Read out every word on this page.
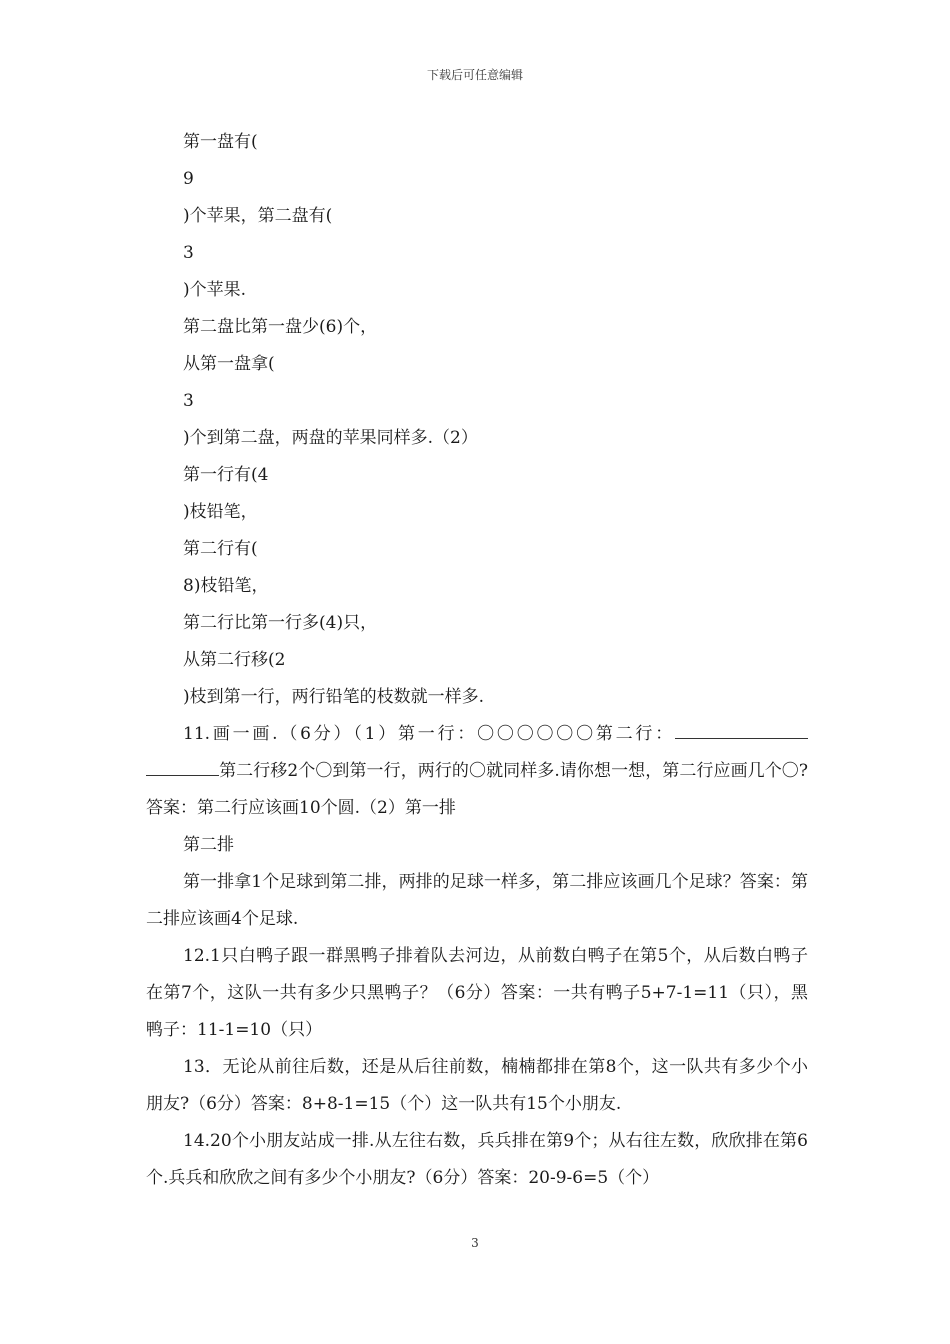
下载后可任意编辑
第一盘有(
9
)个苹果，第二盘有(
3
)个苹果.
第二盘比第一盘少(6)个，
从第一盘拿(
3
)个到第二盘，两盘的苹果同样多.（2）
第一行有(4
)枝铅笔，
第二行有(
8)枝铅笔，
第二行比第一行多(4)只，
从第二行移(2
)枝到第一行，两行铅笔的枝数就一样多.
11.画一画.（6分）（1）第一行：〇〇〇〇〇〇第二行：第二行移2个〇到第一行，两行的〇就同样多.请你想一想，第二行应画几个〇?答案：第二行应该画10个圆.（2）第一排
第二排
第一排拿1个足球到第二排，两排的足球一样多，第二排应该画几个足球？答案：第二排应该画4个足球.
12.1只白鸭子跟一群黑鸭子排着队去河边，从前数白鸭子在第5个，从后数白鸭子在第7个，这队一共有多少只黑鸭子？（6分）答案：一共有鸭子5+7-1=11（只），黑鸭子：11-1=10（只）
13．无论从前往后数，还是从后往前数，楠楠都排在第8个，这一队共有多少个小朋友?（6分）答案：8+8-1=15（个）这一队共有15个小朋友.
14.20个小朋友站成一排.从左往右数，兵兵排在第9个；从右往左数，欣欣排在第6个.兵兵和欣欣之间有多少个小朋友?（6分）答案：20-9-6=5（个）
3
